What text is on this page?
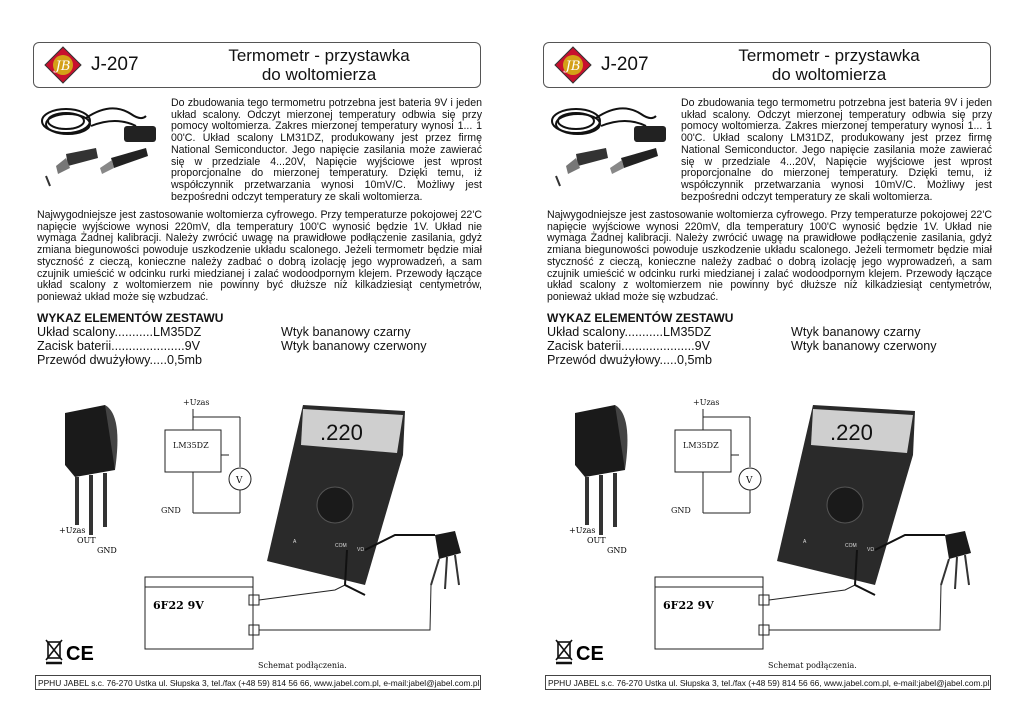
JB J-207	Termometr - przystawka
do woltomierza

Do zbudowania tego termometru potrzebna jest bateria 9V i jeden układ scalony. Odczyt mierzonej temperatury odbwia się przy pomocy woltomierza. Zakres mierzonej temperatury wynosi 1... 1 00'C. Układ scalony LM31DZ, produkowany jest przez firmę National Semiconductor. Jego napięcie zasilania może zawierać się w przedziale 4...20V, Napięcie wyjściowe jest wprost proporcjonalne do mierzonej temperatury. Dzięki temu, iż współczynnik przetwarzania wynosi 10mV/C. Możliwy jest bezpośredni odczyt temperatury ze skali woltomierza.

Najwygodniejsze jest zastosowanie woltomierza cyfrowego. Przy temperaturze pokojowej 22'C napięcie wyjściowe wynosi 220mV, dla temperatury 100'C wynosić będzie 1V. Układ nie wymaga Żadnej kalibracji. Należy zwrócić uwagę na prawidłowe podłączenie zasilania, gdyż zmiana biegunowości powoduje uszkodzenie układu scalonego. Jeżeli termometr będzie miał styczność z cieczą, konieczne należy zadbać o dobrą izolację jego wyprowadzeń, a sam czujnik umieścić w odcinku rurki miedzianej i zalać wodoodpornym klejem. Przewody łączące układ scalony z woltomierzem nie powinny być dłuższe niż kilkadziesiąt centymetrów, ponieważ układ może się wzbudzać.

WYKAZ ELEMENTÓW ZESTAWU
Układ scalony...........LM35DZ
Zacisk baterii.....................9V
Przewód dwużyłowy.....0,5mb
Wtyk bananowy czarny
Wtyk bananowy czerwony
+Uzas
OUT
GND
+Uzas
LM35DZ
V
GND
.220
A
COM
VΩ
6F22 9V
Schemat podłączenia.
CE
PPHU JABEL s.c. 76-270 Ustka ul. Słupska 3, tel./fax (+48 59) 814 56 66, www.jabel.com.pl, e-mail:jabel@jabel.com.pl
JB J-207	Termometr - przystawka
do woltomierza

Do zbudowania tego termometru potrzebna jest bateria 9V i jeden układ scalony. Odczyt mierzonej temperatury odbwia się przy pomocy woltomierza. Zakres mierzonej temperatury wynosi 1... 1 00'C. Układ scalony LM31DZ, produkowany jest przez firmę National Semiconductor. Jego napięcie zasilania może zawierać się w przedziale 4...20V, Napięcie wyjściowe jest wprost proporcjonalne do mierzonej temperatury. Dzięki temu, iż współczynnik przetwarzania wynosi 10mV/C. Możliwy jest bezpośredni odczyt temperatury ze skali woltomierza.

Najwygodniejsze jest zastosowanie woltomierza cyfrowego. Przy temperaturze pokojowej 22'C napięcie wyjściowe wynosi 220mV, dla temperatury 100'C wynosić będzie 1V. Układ nie wymaga Żadnej kalibracji. Należy zwrócić uwagę na prawidłowe podłączenie zasilania, gdyż zmiana biegunowości powoduje uszkodzenie układu scalonego. Jeżeli termometr będzie miał styczność z cieczą, konieczne należy zadbać o dobrą izolację jego wyprowadzeń, a sam czujnik umieścić w odcinku rurki miedzianej i zalać wodoodpornym klejem. Przewody łączące układ scalony z woltomierzem nie powinny być dłuższe niż kilkadziesiąt centymetrów, ponieważ układ może się wzbudzać.

WYKAZ ELEMENTÓW ZESTAWU
Układ scalony...........LM35DZ
Zacisk baterii.....................9V
Przewód dwużyłowy.....0,5mb
Wtyk bananowy czarny
Wtyk bananowy czerwony
+Uzas
OUT
GND
+Uzas
LM35DZ
V
GND
.220
A
COM
VΩ
6F22 9V
Schemat podłączenia.
CE
PPHU JABEL s.c. 76-270 Ustka ul. Słupska 3, tel./fax (+48 59) 814 56 66, www.jabel.com.pl, e-mail:jabel@jabel.com.pl
